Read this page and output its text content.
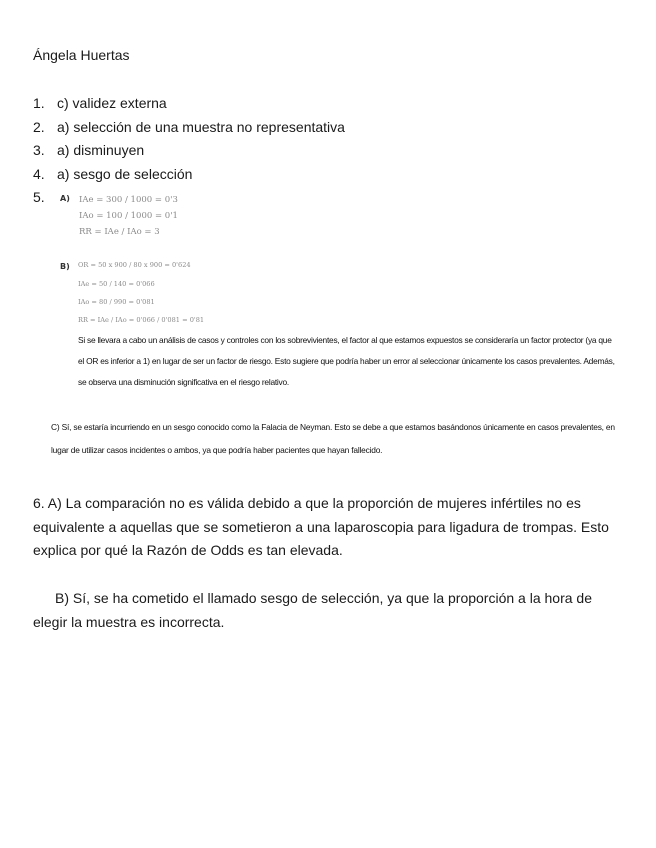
Ángela Huertas
1. c) validez externa
2. a) selección de una muestra no representativa
3. a) disminuyen
4. a) sesgo de selección
5. A) IAe = 300 / 1000 = 0'3
IAo = 100 / 1000 = 0'1
RR = IAe / IAo = 3
B) OR = 50 x 900 / 80 x 900 = 0'624
IAe = 50 / 140 = 0'066
IAo = 80 / 990 = 0'081
RR = IAe / IAo = 0'066 / 0'081 = 0'81
Si se llevara a cabo un análisis de casos y controles con los sobrevivientes, el factor al que estamos expuestos se consideraría un factor protector (ya que el OR es inferior a 1) en lugar de ser un factor de riesgo. Esto sugiere que podría haber un error al seleccionar únicamente los casos prevalentes. Además, se observa una disminución significativa en el riesgo relativo.
C) Sí, se estaría incurriendo en un sesgo conocido como la Falacia de Neyman. Esto se debe a que estamos basándonos únicamente en casos prevalentes, en lugar de utilizar casos incidentes o ambos, ya que podría haber pacientes que hayan fallecido.
6. A) La comparación no es válida debido a que la proporción de mujeres infértiles no es equivalente a aquellas que se sometieron a una laparoscopia para ligadura de trompas. Esto explica por qué la Razón de Odds es tan elevada.
B) Sí, se ha cometido el llamado sesgo de selección, ya que la proporción a la hora de elegir la muestra es incorrecta.
